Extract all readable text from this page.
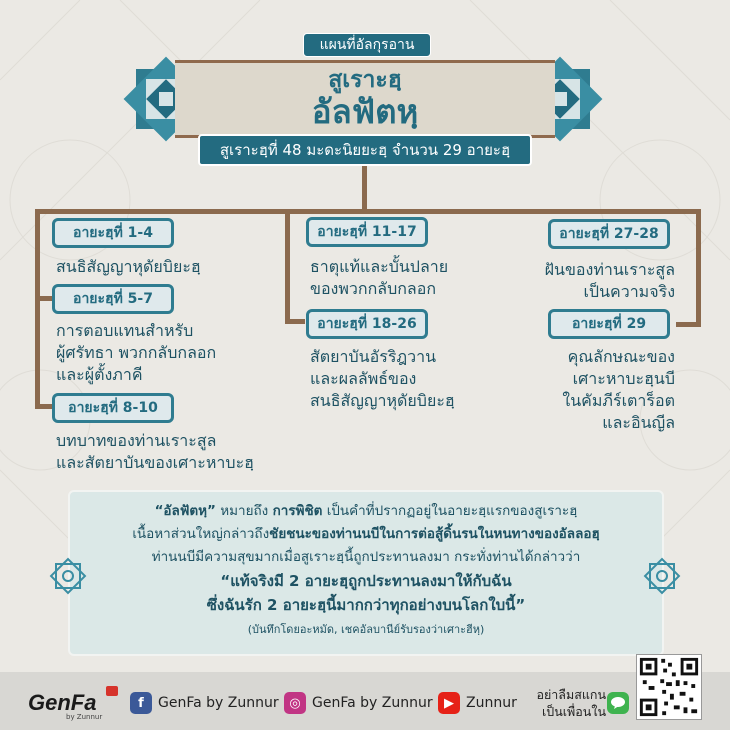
แผนที่อัลกุรอาน
สูเราะฮฺ
อัลฟัตหฺ
สูเราะฮฺที่ 48 มะดะนิยยะฮฺ จำนวน 29 อายะฮฺ
อายะฮฺที่ 1-4
สนธิสัญญาหุดัยบิยะฮฺ
อายะฮฺที่ 5-7
การตอบแทนสำหรับ
ผู้ศรัทธา พวกกลับกลอก
และผู้ตั้งภาคี
อายะฮฺที่ 8-10
บทบาทของท่านเราะสูล
และสัตยาบันของเศาะหาบะฮฺ
อายะฮฺที่ 11-17
ธาตุแท้และบั้นปลาย
ของพวกกลับกลอก
อายะฮฺที่ 18-26
สัตยาบันอัรริฎวาน
และผลลัพธ์ของ
สนธิสัญญาหุดัยบิยะฮฺ
อายะฮฺที่ 27-28
ฝันของท่านเราะสูล
เป็นความจริง
อายะฮฺที่ 29
คุณลักษณะของ
เศาะหาบะฮฺนบี
ในคัมภีร์เตาร็อต
และอินญีล
“อัลฟัตหฺ” หมายถึง การพิชิต เป็นคำที่ปรากฏอยู่ในอายะฮฺแรกของสูเราะฮฺ
เนื้อหาส่วนใหญ่กล่าวถึงชัยชนะของท่านนบีในการต่อสู้ดิ้นรนในหนทางของอัลลอฮฺ
ท่านนบีมีความสุขมากเมื่อสูเราะฮฺนี้ถูกประทานลงมา กระทั่งท่านได้กล่าวว่า
“แท้จริงมี 2 อายะฮฺถูกประทานลงมาให้กับฉัน
ซึ่งฉันรัก 2 อายะฮฺนี้มากกว่าทุกอย่างบนโลกใบนี้”
(บันทึกโดยอะหมัด, เชคอัลบานีย์รับรองว่าเศาะฮีหฺ)
GenFa
by Zunnur
f	GenFa by Zunnur ◎ GenFa by Zunnur ▶ Zunnur
อย่าลืมสแกน
เป็นเพื่อนใน
